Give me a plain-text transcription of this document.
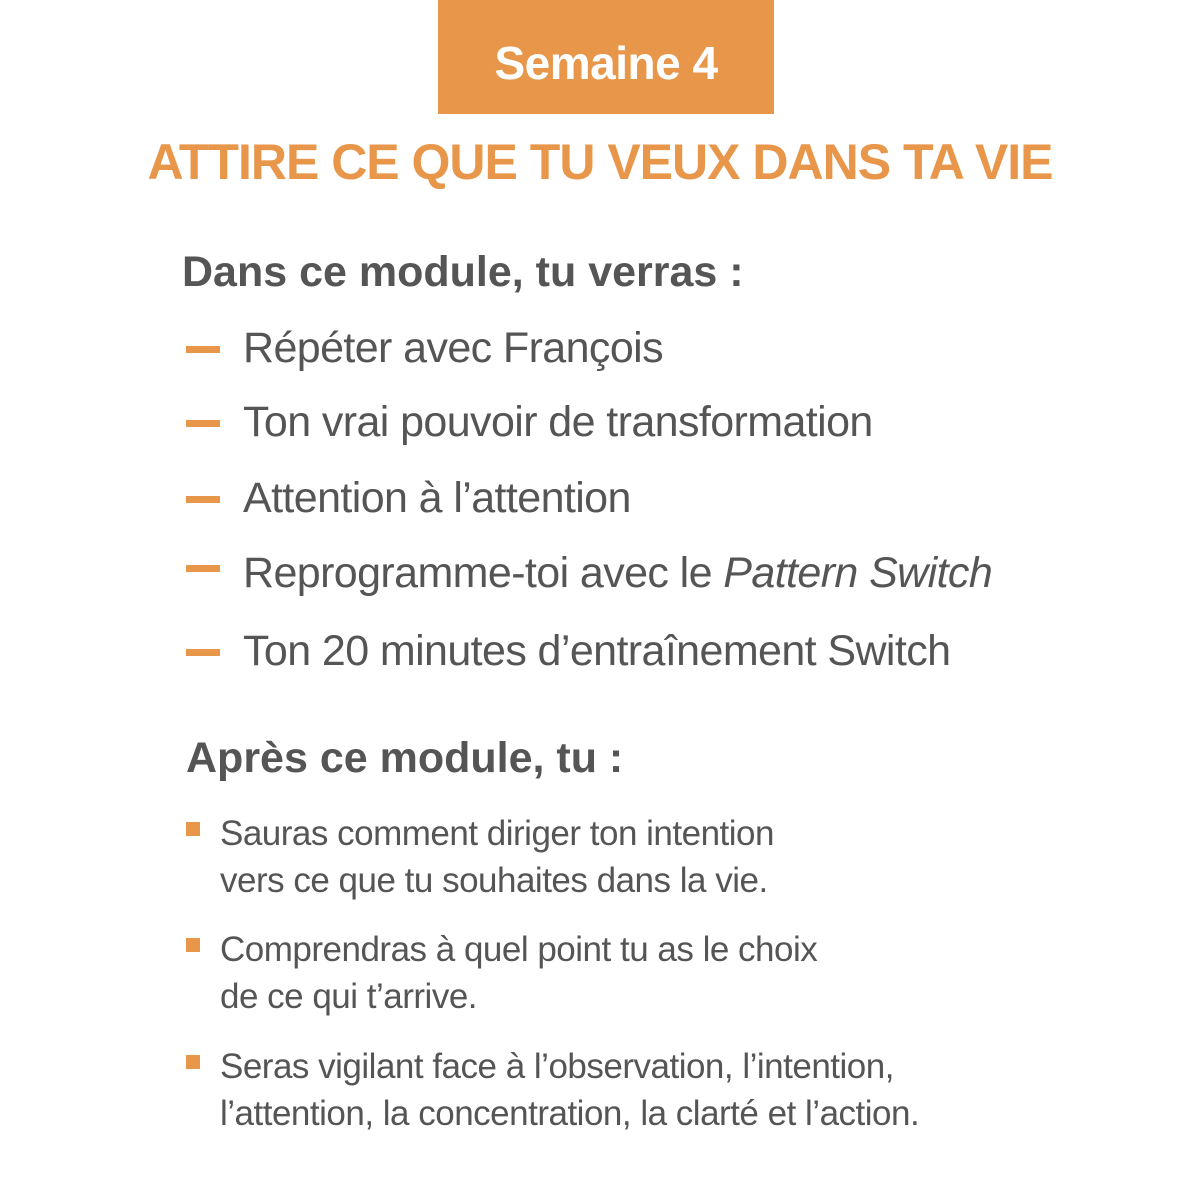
Semaine 4
ATTIRE CE QUE TU VEUX DANS TA VIE
Dans ce module, tu verras :
Répéter avec François
Ton vrai pouvoir de transformation
Attention à l’attention
Reprogramme-toi avec le Pattern Switch
Ton 20 minutes d’entraînement Switch
Après ce module, tu :
Sauras comment diriger ton intention
vers ce que tu souhaites dans la vie.
Comprendras à quel point tu as le choix
de ce qui t’arrive.
Seras vigilant face à l’observation, l’intention,
l’attention, la concentration, la clarté et l’action.
